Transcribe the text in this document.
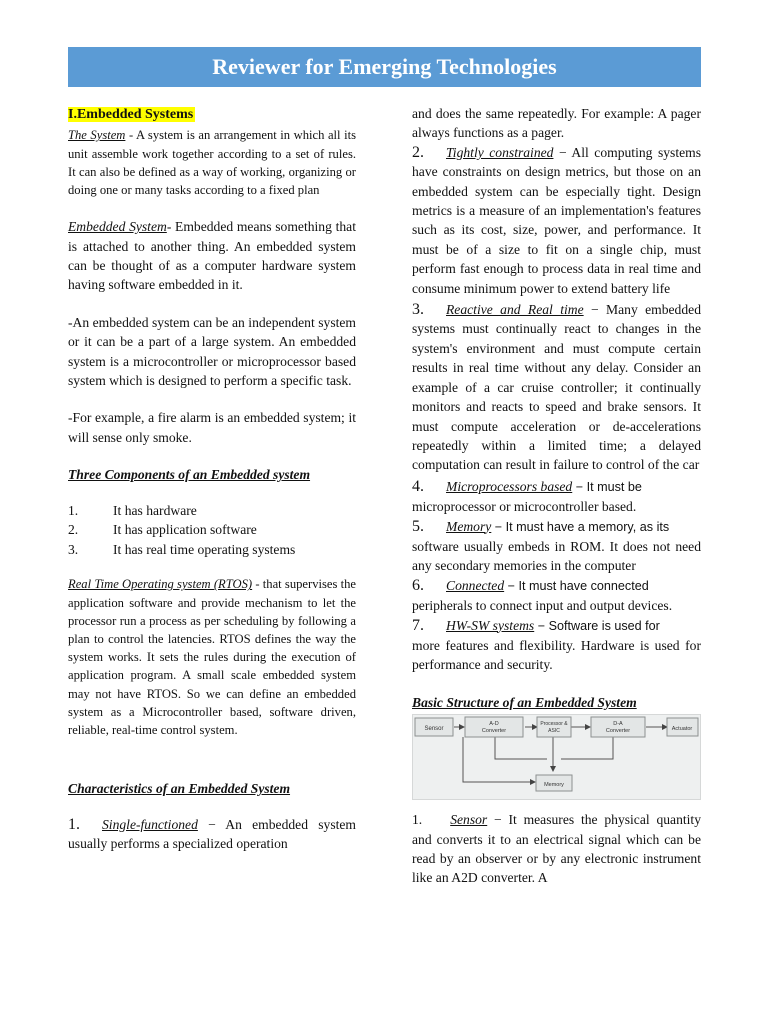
Reviewer for Emerging Technologies
I.Embedded Systems

The System - A system is an arrangement in which all its unit assemble work together according to a set of rules. It can also be defined as a way of working, organizing or doing one or many tasks according to a fixed plan

Embedded System- Embedded means something that is attached to another thing. An embedded system can be thought of as a computer hardware system having software embedded in it.

-An embedded system can be an independent system or it can be a part of a large system. An embedded system is a microcontroller or microprocessor based system which is designed to perform a specific task.

-For example, a fire alarm is an embedded system; it will sense only smoke.

Three Components of an Embedded system

1.	It has hardware
2.	It has application software
3.	It has real time operating systems

Real Time Operating system (RTOS) - that supervises the application software and provide mechanism to let the processor run a process as per scheduling by following a plan to control the latencies. RTOS defines the way the system works. It sets the rules during the execution of application program. A small scale embedded system may not have RTOS. So we can define an embedded system as a Microcontroller based, software driven, reliable, real-time control system.

Characteristics of an Embedded System

1. Single-functioned − An embedded system usually performs a specialized operation

and does the same repeatedly. For example: A pager always functions as a pager.

2. Tightly constrained − All computing systems have constraints on design metrics, but those on an embedded system can be especially tight. Design metrics is a measure of an implementation's features such as its cost, size, power, and performance. It must be of a size to fit on a single chip, must perform fast enough to process data in real time and consume minimum power to extend battery life

3. Reactive and Real time − Many embedded systems must continually react to changes in the system's environment and must compute certain results in real time without any delay. Consider an example of a car cruise controller; it continually monitors and reacts to speed and brake sensors. It must compute acceleration or de-accelerations repeatedly within a limited time; a delayed computation can result in failure to control of the car

4. Microprocessors based − It must be
microprocessor or microcontroller based.

5. Memory − It must have a memory, as its
software usually embeds in ROM. It does not need any secondary memories in the computer

6. Connected − It must have connected
peripherals to connect input and output devices.

7. HW-SW systems − Software is used for
more features and flexibility. Hardware is used for performance and security.

Basic Structure of an Embedded System

Sensor
A-D
Converter
Processor &
ASIC
D-A
Converter	Actuator
Memory

1. Sensor − It measures the physical quantity and converts it to an electrical signal which can be read by an observer or by any electronic instrument like an A2D converter. A
